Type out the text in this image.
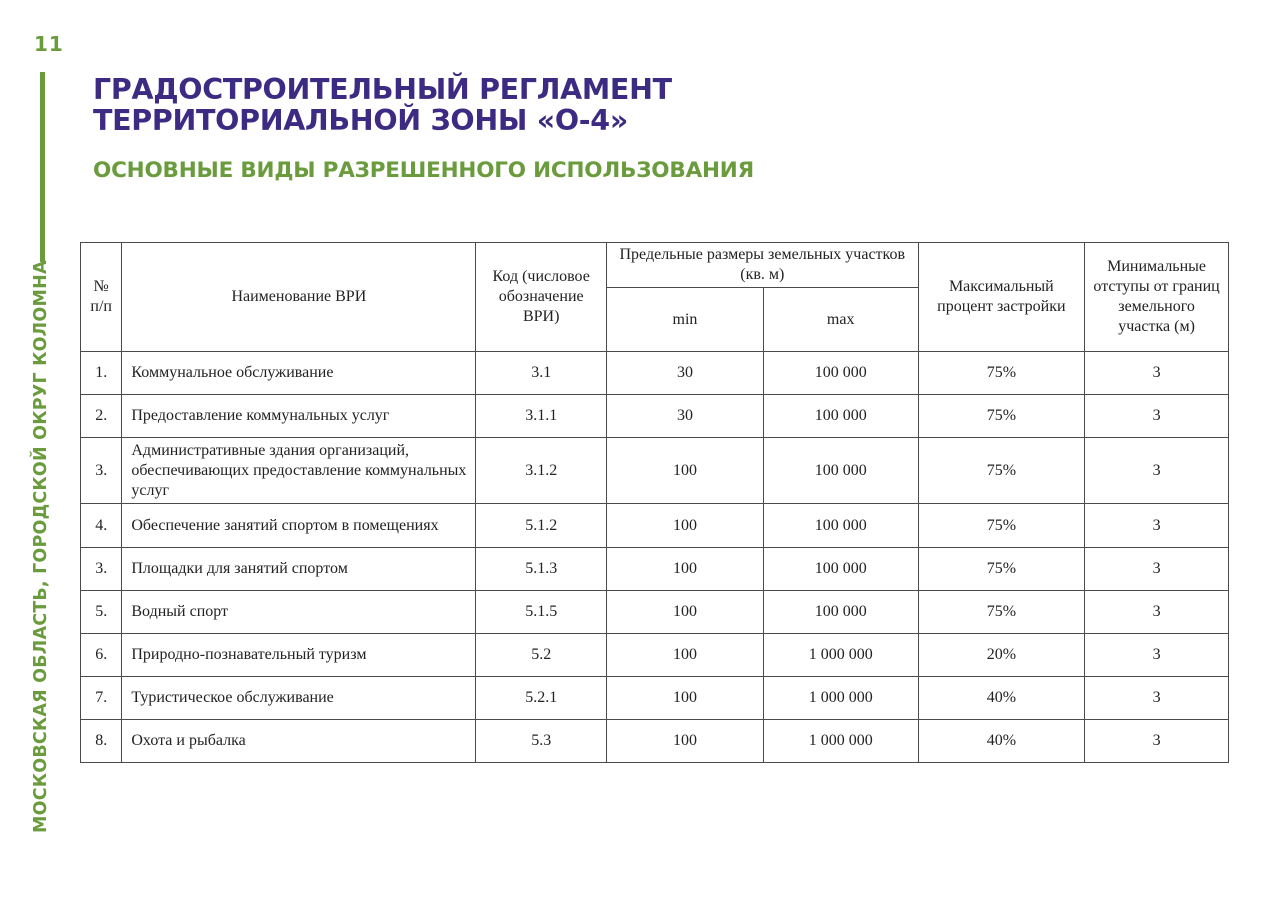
11
МОСКОВСКАЯ ОБЛАСТЬ, ГОРОДСКОЙ ОКРУГ КОЛОМНА
ГРАДОСТРОИТЕЛЬНЫЙ РЕГЛАМЕНТ
ТЕРРИТОРИАЛЬНОЙ ЗОНЫ «О-4»
ОСНОВНЫЕ ВИДЫ РАЗРЕШЕННОГО ИСПОЛЬЗОВАНИЯ
№ п/п	Наименование ВРИ	Код (числовое обозначение ВРИ)	Предельные размеры земельных участков (кв. м)		Максимальный процент застройки	Минимальные отступы от границ земельного участка (м)
			min	max		
1.	Коммунальное обслуживание	3.1	30	100 000	75%	3
2.	Предоставление коммунальных услуг	3.1.1	30	100 000	75%	3
3.	Административные здания организаций, обеспечивающих предоставление коммунальных услуг	3.1.2	100	100 000	75%	3
4.	Обеспечение занятий спортом в помещениях	5.1.2	100	100 000	75%	3
3.	Площадки для занятий спортом	5.1.3	100	100 000	75%	3
5.	Водный спорт	5.1.5	100	100 000	75%	3
6.	Природно-познавательный туризм	5.2	100	1 000 000	20%	3
7.	Туристическое обслуживание	5.2.1	100	1 000 000	40%	3
8.	Охота и рыбалка	5.3	100	1 000 000	40%	3
